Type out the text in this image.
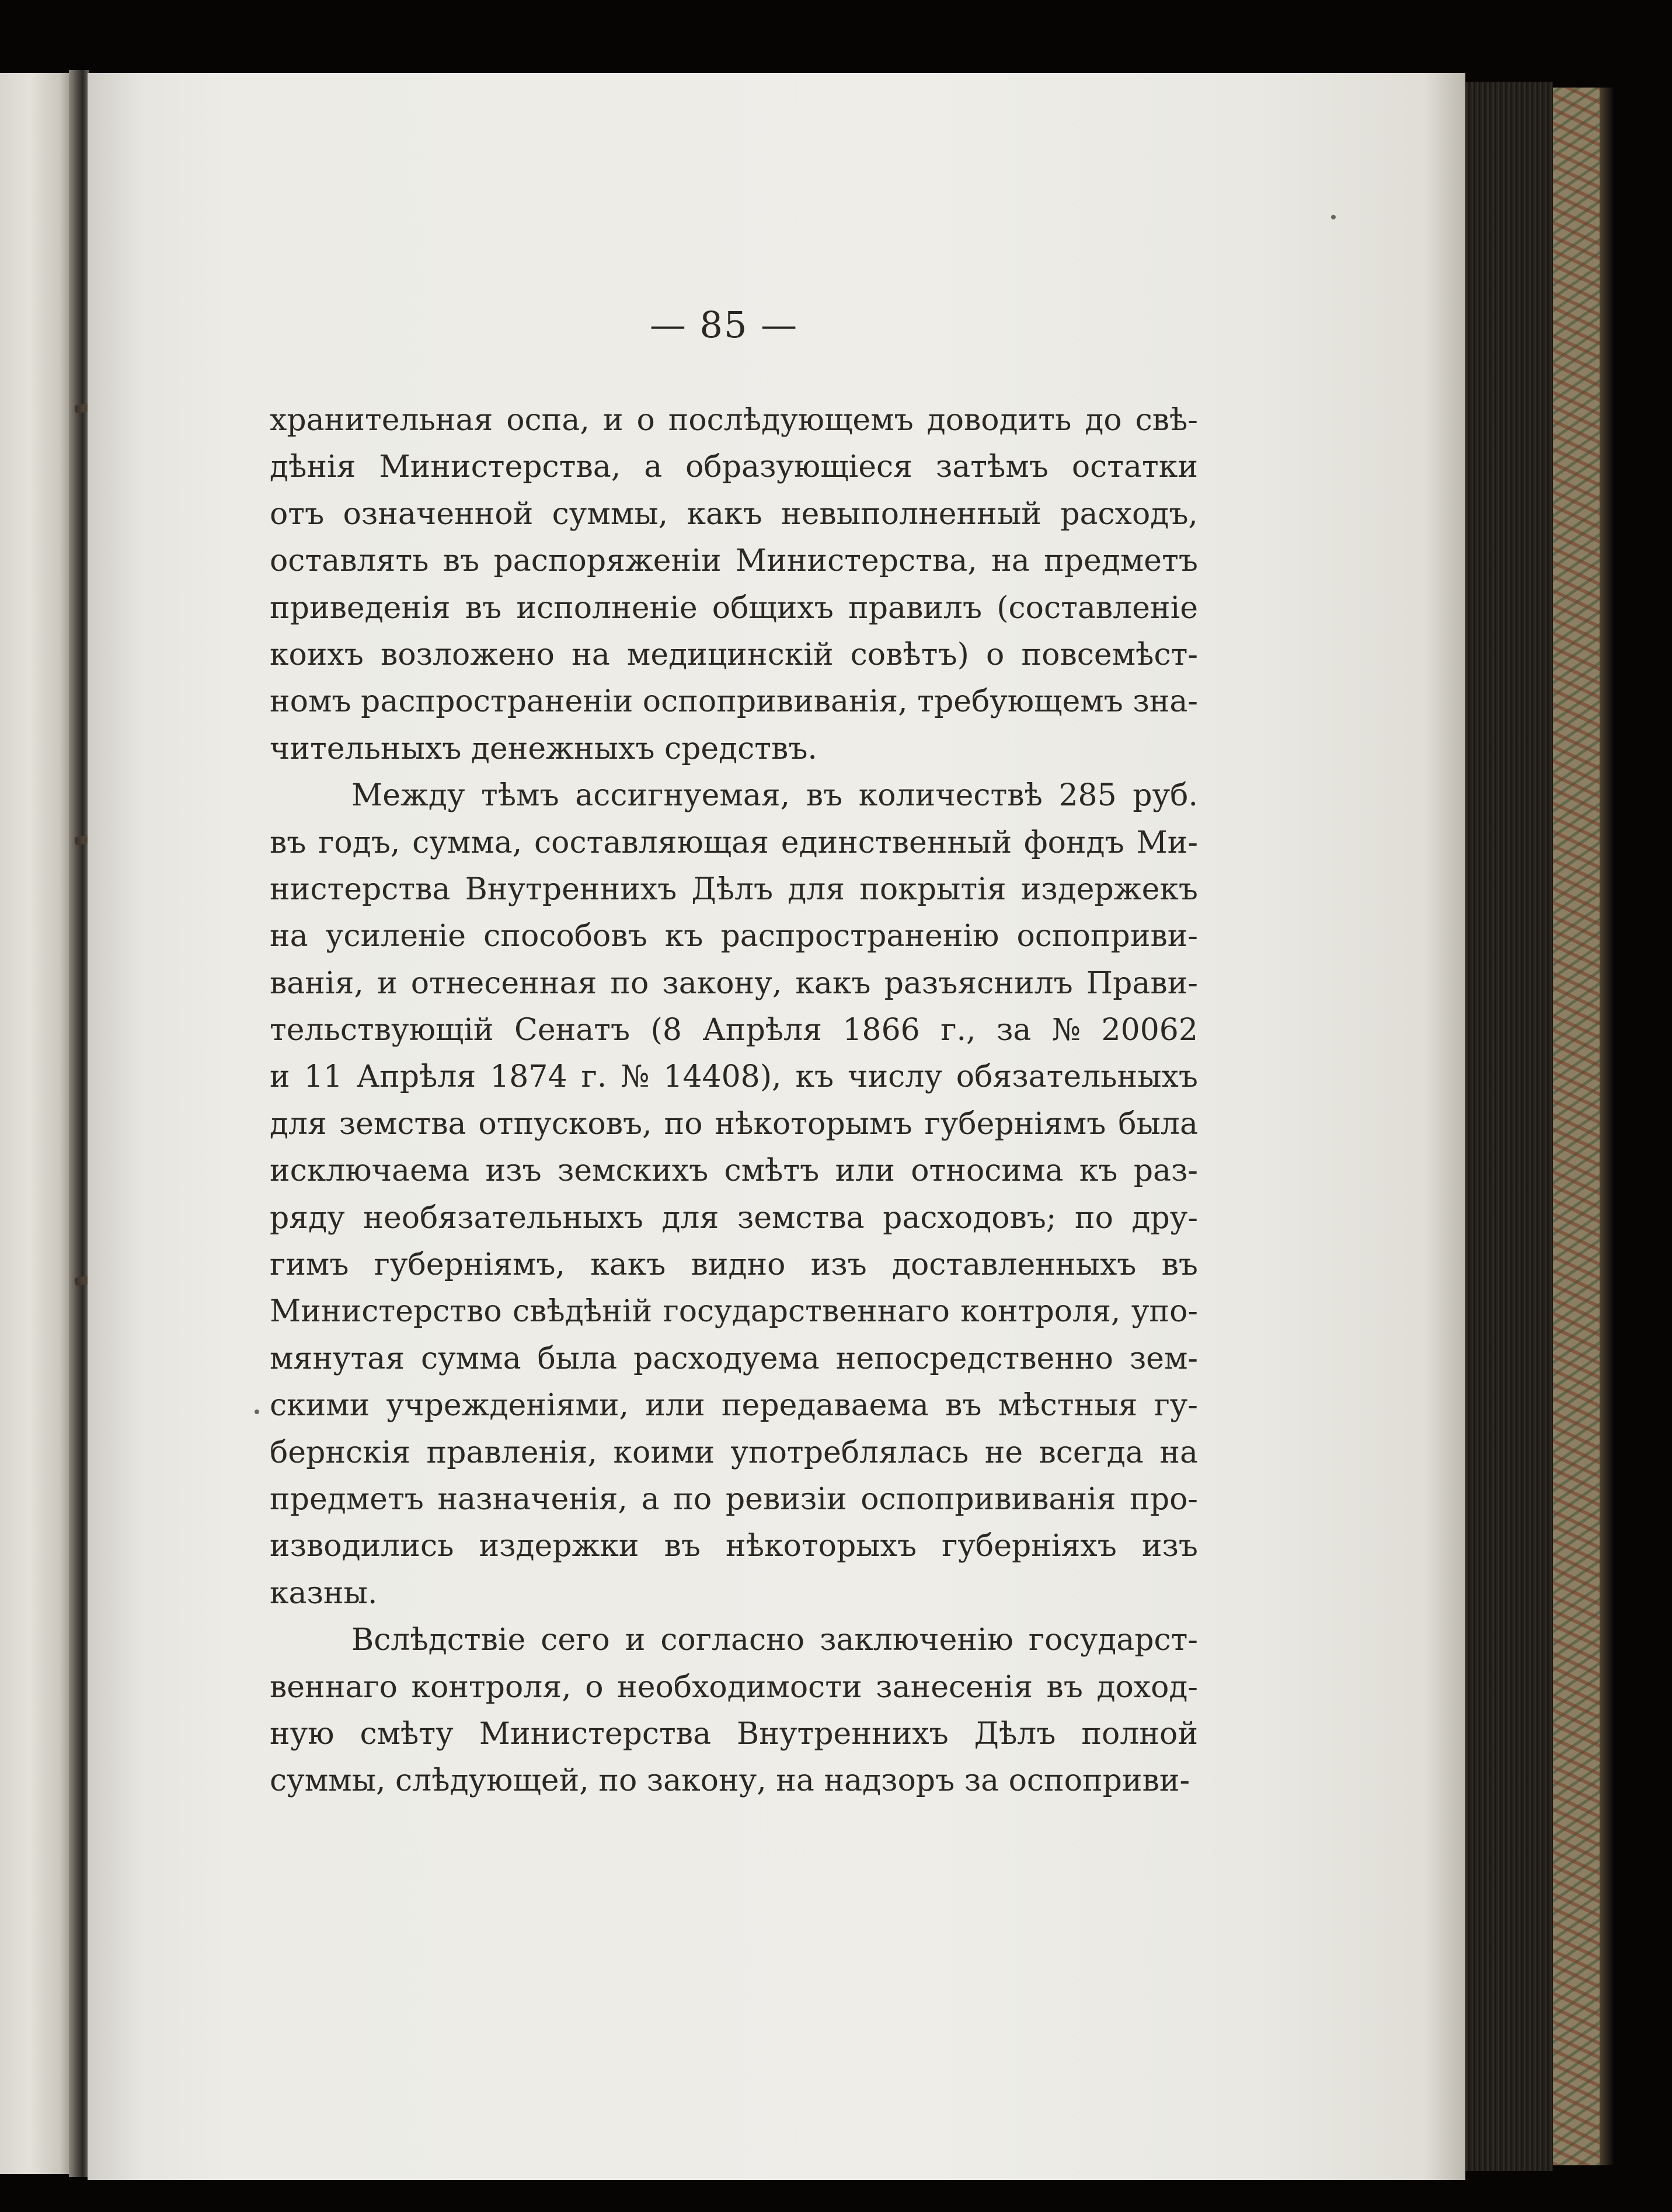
— 85 —
хранительная оспа, и о послѣдующемъ доводить до свѣ-
дѣнія Министерства, а образующіеся затѣмъ остатки
отъ означенной суммы, какъ невыполненный расходъ,
оставлять въ распоряженіи Министерства, на предметъ
приведенія въ исполненіе общихъ правилъ (составленіе
коихъ возложено на медицинскій совѣтъ) о повсемѣст-
номъ распространеніи оспопрививанія, требующемъ зна-
чительныхъ денежныхъ средствъ.
Между тѣмъ ассигнуемая, въ количествѣ 285 руб.
въ годъ, сумма, составляющая единственный фондъ Ми-
нистерства Внутреннихъ Дѣлъ для покрытія издержекъ
на усиленіе способовъ къ распространенію оспоприви-
ванія, и отнесенная по закону, какъ разъяснилъ Прави-
тельствующій Сенатъ (8 Апрѣля 1866 г., за № 20062
и 11 Апрѣля 1874 г. № 14408), къ числу обязательныхъ
для земства отпусковъ, по нѣкоторымъ губерніямъ была
исключаема изъ земскихъ смѣтъ или относима къ раз-
ряду необязательныхъ для земства расходовъ; по дру-
гимъ губерніямъ, какъ видно изъ доставленныхъ въ
Министерство свѣдѣній государственнаго контроля, упо-
мянутая сумма была расходуема непосредственно зем-
скими учрежденіями, или передаваема въ мѣстныя гу-
бернскія правленія, коими употреблялась не всегда на
предметъ назначенія, а по ревизіи оспопрививанія про-
изводились издержки въ нѣкоторыхъ губерніяхъ изъ
казны.
Вслѣдствіе сего и согласно заключенію государст-
веннаго контроля, о необходимости занесенія въ доход-
ную смѣту Министерства Внутреннихъ Дѣлъ полной
суммы, слѣдующей, по закону, на надзоръ за оспоприви-
